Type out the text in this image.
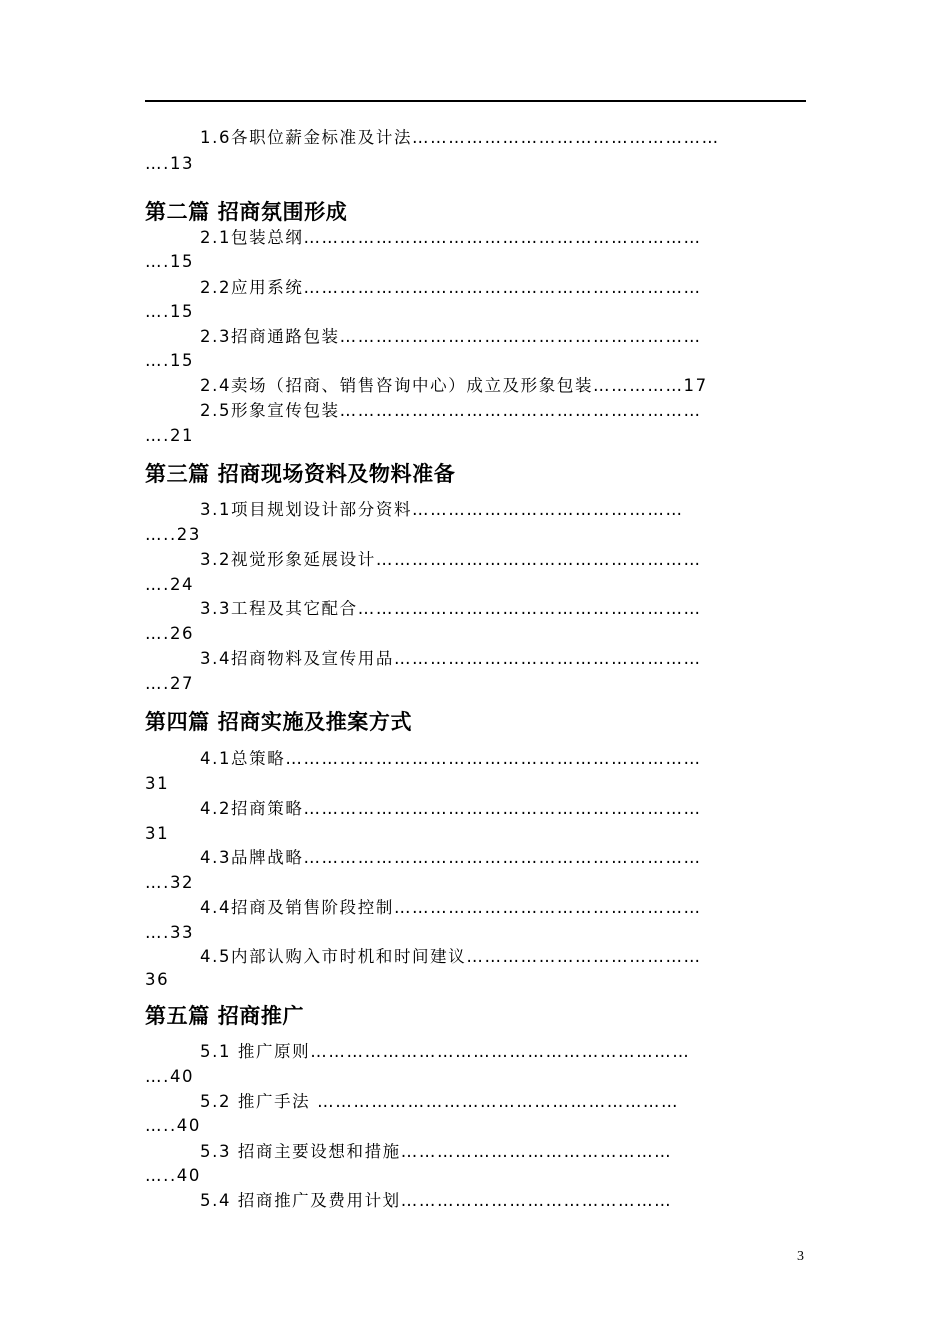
1.6各职位薪金标准及计法……………………………………………
….13
第二篇 招商氛围形成
2.1包装总纲…………………………………………………………
….15
2.2应用系统…………………………………………………………
….15
2.3招商通路包装……………………………………………………
….15
2.4卖场（招商、销售咨询中心）成立及形象包装……………17
2.5形象宣传包装……………………………………………………
….21
第三篇 招商现场资料及物料准备
3.1项目规划设计部分资料………………………………………
…..23
3.2视觉形象延展设计………………………………………………
….24
3.3工程及其它配合…………………………………………………
….26
3.4招商物料及宣传用品……………………………………………
….27
第四篇 招商实施及推案方式
4.1总策略……………………………………………………………
31
4.2招商策略…………………………………………………………
31
4.3品牌战略…………………………………………………………
….32
4.4招商及销售阶段控制……………………………………………
….33
4.5内部认购入市时机和时间建议…………………………………
36
第五篇 招商推广
5.1 推广原则………………………………………………………
….40
5.2 推广手法 ……………………………………………………
…..40
5.3 招商主要设想和措施………………………………………
…..40
5.4 招商推广及费用计划………………………………………
3
